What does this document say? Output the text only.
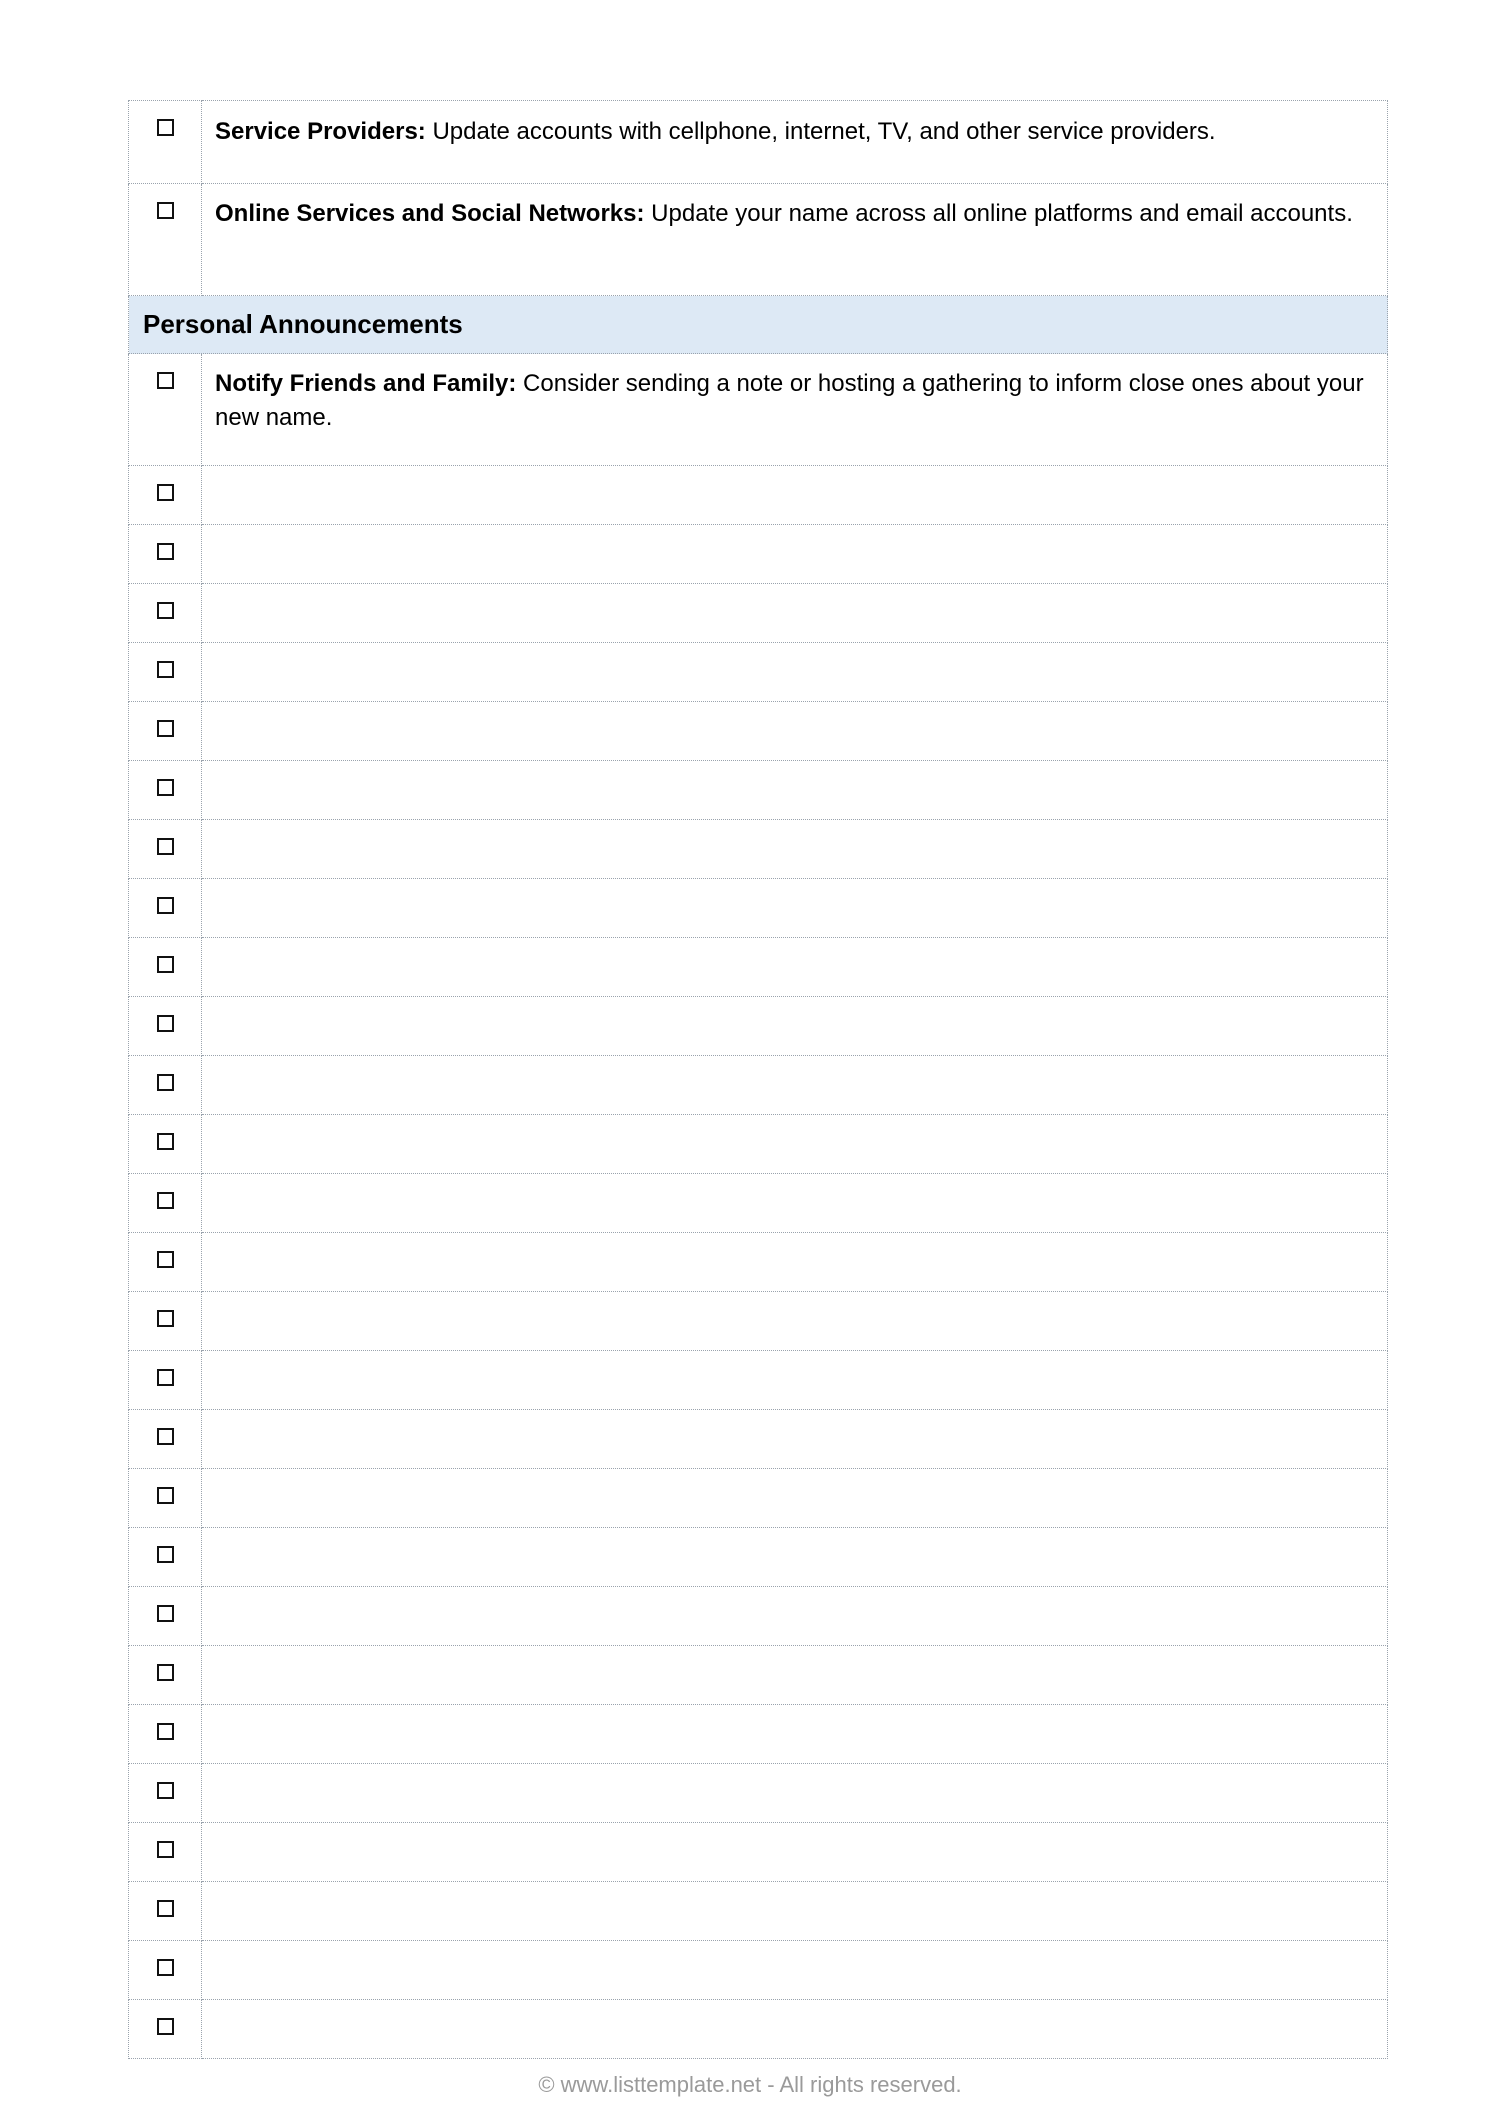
	Service Providers: Update accounts with cellphone, internet, TV, and other service providers.
	Online Services and Social Networks: Update your name across all online platforms and email accounts.
Personal Announcements	
	Notify Friends and Family: Consider sending a note or hosting a gathering to inform close ones about your new name.

© www.listtemplate.net - All rights reserved.
